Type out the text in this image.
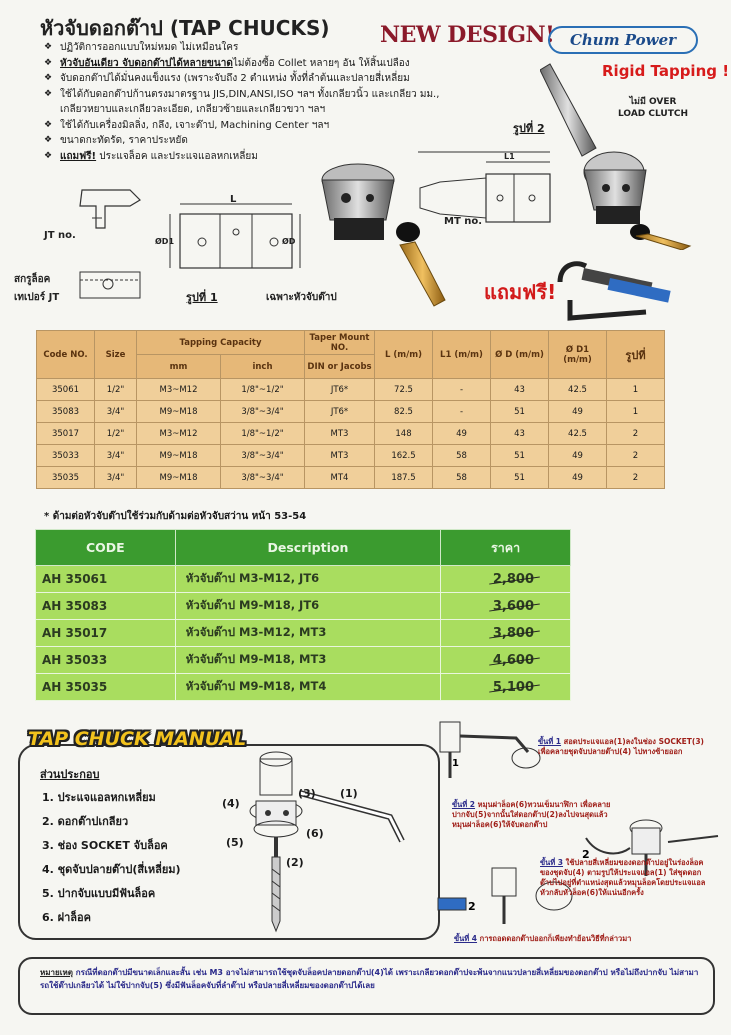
หัวจับดอกต๊าป (TAP CHUCKS) NEW DESIGN! Chum Power
Rigid Tapping !
ไม่มี OVER
LOAD CLUTCH
❖ ปฏิวัติการออกแบบใหม่หมด ไม่เหมือนใคร
❖ หัวจับอันเดียว จับดอกต๊าปได้หลายขนาดไม่ต้องซื้อ Collet หลายๆ อัน ให้สิ้นเปลือง
❖ จับดอกต๊าปได้มั่นคงแข็งแรง (เพราะจับถึง 2 ตำแหน่ง ทั้งที่ลำต้นและปลายสี่เหลี่ยม
❖ ใช้ได้กับดอกต๊าปก้านตรงมาตรฐาน JIS,DIN,ANSI,ISO ฯลฯ ทั้งเกลียวนิ้ว และเกลียว มม.,
เกลียวหยาบและเกลียวละเอียด, เกลียวซ้ายและเกลียวขวา ฯลฯ
❖ ใช้ได้กับเครื่องมิลลิ่ง, กลึง, เจาะต๊าป, Machining Center ฯลฯ
❖ ขนาดกะทัดรัด, ราคาประหยัด
❖ แถมฟรี! ประแจล็อค และประแจแอลหกเหลี่ยม
JT no.
สกรูล็อค
เทเปอร์ JT
L
ØD1	ØD
รูปที่ 1	เฉพาะหัวจับต๊าป
รูปที่ 2
MT no.
L1
แถมฟรี!
Code NO.	Size	Tapping Capacity		Taper Mount NO.	L (m/m)	L1 (m/m)	Ø D (m/m)	Ø D1 (m/m)	รูปที่
		mm	inch	DIN or Jacobs					
35061	1/2"	M3~M12	1/8"~1/2"	JT6*	72.5	-	43	42.5	1
35083	3/4"	M9~M18	3/8"~3/4"	JT6*	82.5	-	51	49	1
35017	1/2"	M3~M12	1/8"~1/2"	MT3	148	49	43	42.5	2
35033	3/4"	M9~M18	3/8"~3/4"	MT3	162.5	58	51	49	2
35035	3/4"	M9~M18	3/8"~3/4"	MT4	187.5	58	51	49	2
* ด้ามต่อหัวจับต๊าปใช้ร่วมกับด้ามต่อหัวจับสว่าน หน้า 53-54
CODE	Description	ราคา
AH 35061	หัวจับต๊าป M3-M12, JT6	2,800
AH 35083	หัวจับต๊าป M9-M18, JT6	3,600
AH 35017	หัวจับต๊าป M3-M12, MT3	3,800
AH 35033	หัวจับต๊าป M9-M18, MT3	4,600
AH 35035	หัวจับต๊าป M9-M18, MT4	5,100
TAP CHUCK MANUAL
ส่วนประกอบ
1. ประแจแอลหกเหลี่ยม
2. ดอกต๊าปเกลียว
3. ช่อง SOCKET จับล็อค
4. ชุดจับปลายต๊าป(สี่เหลี่ยม)
5. ปากจับแบบมีฟันล็อค
6. ฝาล็อค
(1)
(2)
(3)
(4)
(5)
(6)
2
2
1
ขั้นที่ 1 สอดประแจแอล(1)ลงในช่อง SOCKET(3) เพื่อคลายชุดจับปลายต๊าป(4) ไปทางซ้ายออก
ขั้นที่ 2 หมุนฝาล็อค(6)ทวนเข็มนาฬิกา เพื่อคลายปากจับ(5)จากนั้นใส่ดอกต๊าป(2)ลงไปจนสุดแล้วหมุนฝาล็อค(6)ให้จับดอกต๊าป
ขั้นที่ 3 ใช้ปลายสี่เหลี่ยมของดอกต๊าปอยู่ในร่องล็อคของชุดจับ(4) ตามรูปให้ประแจแอล(1) ใส่ชุดดอกต๊าปไปอยู่ที่ตำแหน่งสุดแล้วหมุนล็อคโดยประแจแอลหัวกลับหัวล็อค(6)ให้แน่นอีกครั้ง
ขั้นที่ 4 การถอดดอกต๊าปออกก็เพียงทำย้อนวิธีที่กล่าวมา
หมายเหตุ กรณีที่ดอกต๊าปมีขนาดเล็กและสั้น เช่น M3 อาจไม่สามารถใช้ชุดจับล็อคปลายดอกต๊าป(4)ได้ เพราะเกลียวดอกต๊าปจะพ้นจากแนวปลายสี่เหลี่ยมของดอกต๊าป หรือไม่ถึงปากจับ ไม่สามารถใช้ต๊าปเกลียวได้ ไม่ใช้ปากจับ(5) ซึ่งมีฟันล็อคจับที่ลำต๊าป หรือปลายสี่เหลี่ยมของดอกต๊าปได้เลย
